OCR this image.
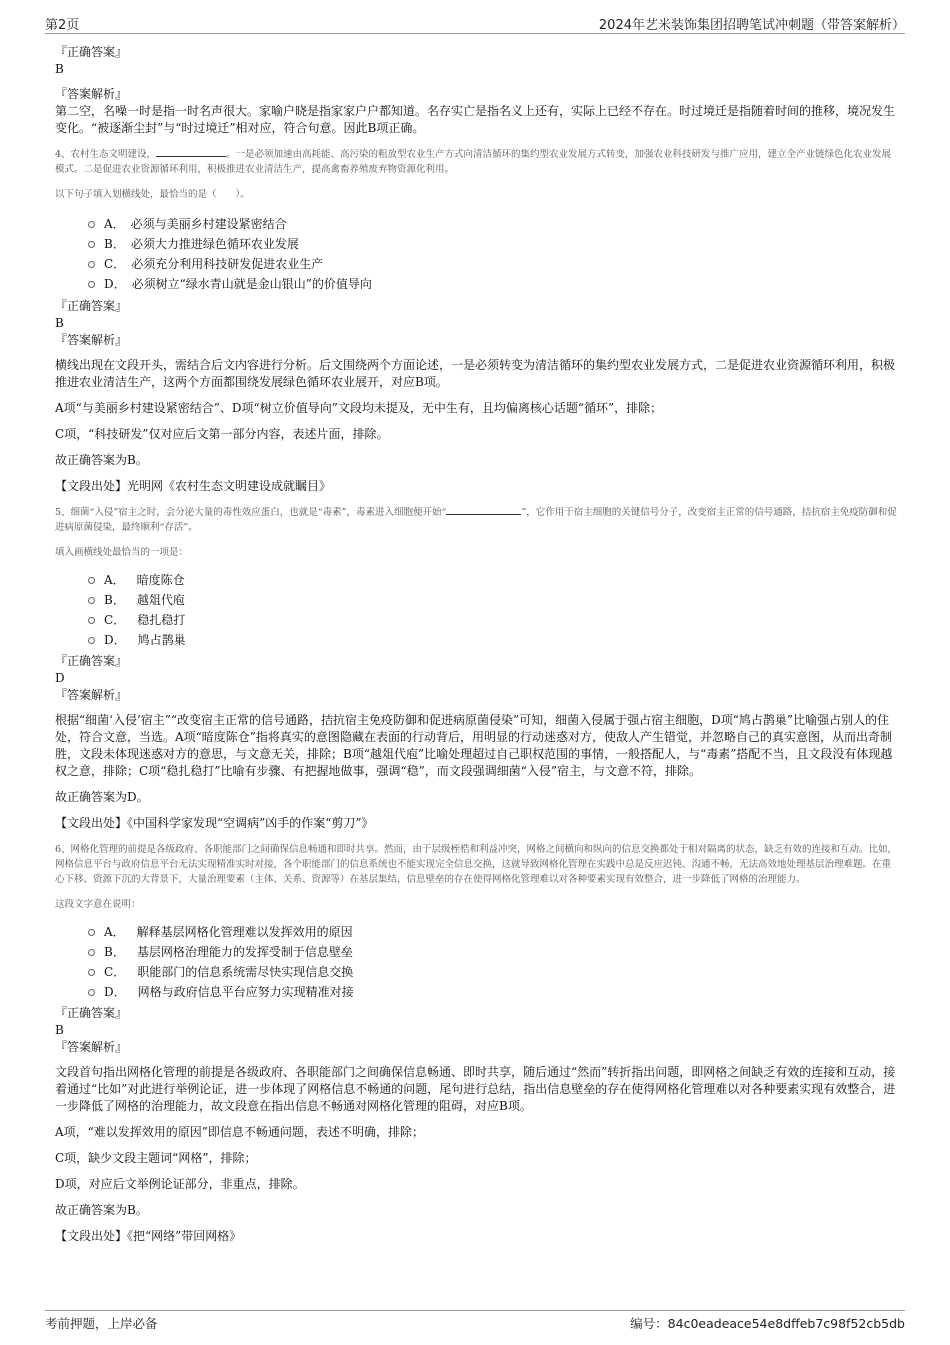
第2页	2024年艺米装饰集团招聘笔试冲刺题（带答案解析）
『正确答案』
B
『答案解析』
第二空，名噪一时是指一时名声很大。家喻户晓是指家家户户都知道。名存实亡是指名义上还有，实际上已经不存在。时过境迁是指随着时间的推移，境况发生变化。“被逐渐尘封”与“时过境迁”相对应，符合句意。因此B项正确。
4、农村生态文明建设，	。一是必须加速由高耗能、高污染的粗放型农业生产方式向清洁循环的集约型农业发展方式转变，加强农业科技研发与推广应用，建立全产业链绿色化农业发展模式。二是促进农业资源循环利用，积极推进农业清洁生产，提高禽畜养殖废弃物资源化利用。
以下句子填入划横线处，最恰当的是（　　）。
A． 必须与美丽乡村建设紧密结合
B． 必须大力推进绿色循环农业发展
C． 必须充分利用科技研发促进农业生产
D． 必须树立“绿水青山就是金山银山”的价值导向
『正确答案』
B
『答案解析』
横线出现在文段开头，需结合后文内容进行分析。后文围绕两个方面论述，一是必须转变为清洁循环的集约型农业发展方式，二是促进农业资源循环利用，积极推进农业清洁生产，这两个方面都围绕发展绿色循环农业展开，对应B项。
A项“与美丽乡村建设紧密结合”、D项“树立价值导向”文段均未提及，无中生有，且均偏离核心话题“循环”，排除；
C项，“科技研发”仅对应后文第一部分内容，表述片面，排除。
故正确答案为B。
【文段出处】光明网《农村生态文明建设成就瞩目》
5、细菌“入侵”宿主之时，会分泌大量的毒性效应蛋白，也就是“毒素”，毒素进入细胞便开始“	”，它作用于宿主细胞的关键信号分子，改变宿主正常的信号通路，拮抗宿主免疫防御和促进病原菌侵染，最终顺利“存活”。
填入画横线处最恰当的一项是：
A． 暗度陈仓
B． 越俎代庖
C． 稳扎稳打
D． 鸠占鹊巢
『正确答案』
D
『答案解析』
根据“细菌‘入侵’宿主”“改变宿主正常的信号通路，拮抗宿主免疫防御和促进病原菌侵染”可知，细菌入侵属于强占宿主细胞，D项“鸠占鹊巢”比喻强占别人的住处，符合文意，当选。A项“暗度陈仓”指将真实的意图隐藏在表面的行动背后，用明显的行动迷惑对方，使敌人产生错觉，并忽略自己的真实意图，从而出奇制胜，文段未体现迷惑对方的意思，与文意无关，排除；B项“越俎代庖”比喻处理超过自己职权范围的事情，一般搭配人，与“毒素”搭配不当，且文段没有体现越权之意，排除；C项“稳扎稳打”比喻有步骤、有把握地做事，强调“稳”，而文段强调细菌“入侵”宿主，与文意不符，排除。
故正确答案为D。
【文段出处】《中国科学家发现“空调病”凶手的作案“剪刀”》
6、网格化管理的前提是各级政府、各职能部门之间确保信息畅通和即时共享。然而，由于层级桎梏和利益冲突，网格之间横向和纵向的信息交换都处于相对隔离的状态，缺乏有效的连接和互动。比如，网格信息平台与政府信息平台无法实现精准实时对接，各个职能部门的信息系统也不能实现完全信息交换，这就导致网格化管理在实践中总是反应迟钝、沟通不畅，无法高效地处理基层治理难题。在重心下移、资源下沉的大背景下，大量治理要素（主体、关系、资源等）在基层集结，信息壁垒的存在使得网格化管理难以对各种要素实现有效整合，进一步降低了网格的治理能力。
这段文字意在说明：
A． 解释基层网格化管理难以发挥效用的原因
B． 基层网格治理能力的发挥受制于信息壁垒
C． 职能部门的信息系统需尽快实现信息交换
D． 网格与政府信息平台应努力实现精准对接
『正确答案』
B
『答案解析』
文段首句指出网格化管理的前提是各级政府、各职能部门之间确保信息畅通、即时共享，随后通过“然而”转折指出问题，即网格之间缺乏有效的连接和互动，接着通过“比如”对此进行举例论证，进一步体现了网格信息不畅通的问题，尾句进行总结，指出信息壁垒的存在使得网格化管理难以对各种要素实现有效整合，进一步降低了网格的治理能力，故文段意在指出信息不畅通对网格化管理的阻碍，对应B项。
A项，“难以发挥效用的原因”即信息不畅通问题，表述不明确，排除；
C项，缺少文段主题词“网格”，排除；
D项，对应后文举例论证部分，非重点，排除。
故正确答案为B。
【文段出处】《把“网络”带回网格》
考前押题，上岸必备	编号：84c0eadeace54e8dffeb7c98f52cb5db
